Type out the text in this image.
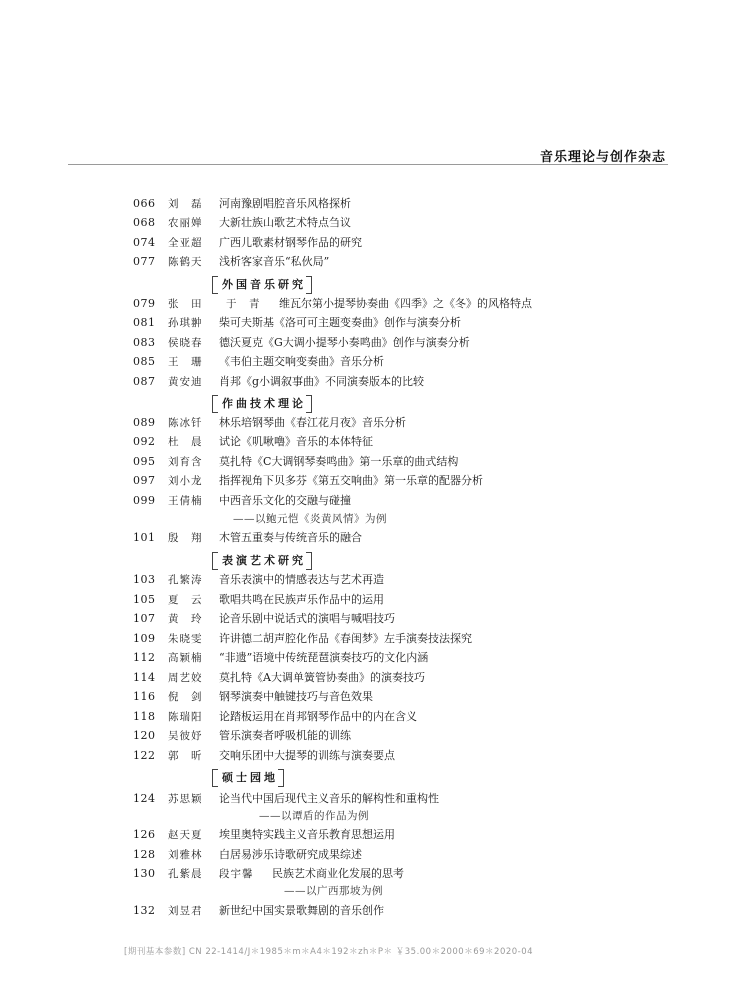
音乐理论与创作杂志
066 刘　磊 河南豫剧唱腔音乐风格探析
068 农丽婵 大新壮族山歌艺术特点刍议
074 全亚超 广西儿歌素材钢琴作品的研究
077 陈鹤天 浅析客家音乐“私伙局”
外国音乐研究
079 张　田 于　青 维瓦尔第小提琴协奏曲《四季》之《冬》的风格特点
081 孙琪翀 柴可夫斯基《洛可可主题变奏曲》创作与演奏分析
083 侯晓春 德沃夏克《G大调小提琴小奏鸣曲》创作与演奏分析
085 王　珊 《韦伯主题交响变奏曲》音乐分析
087 黄安迪 肖邦《g小调叙事曲》不同演奏版本的比较
作曲技术理论
089 陈冰钎 林乐培钢琴曲《春江花月夜》音乐分析
092 杜　晨 试论《叽啾嚕》音乐的本体特征
095 刘育含 莫扎特《C大调钢琴奏鸣曲》第一乐章的曲式结构
097 刘小龙 指挥视角下贝多芬《第五交响曲》第一乐章的配器分析
099 王倩楠 中西音乐文化的交融与碰撞
——以鲍元恺《炎黄风情》为例
101 殷　翔 木管五重奏与传统音乐的融合
表演艺术研究
103 孔繁涛 音乐表演中的情感表达与艺术再造
105 夏　云 歌唱共鸣在民族声乐作品中的运用
107 黄　玲 论音乐剧中说话式的演唱与喊唱技巧
109 朱晓雯 许讲德二胡声腔化作品《春闺梦》左手演奏技法探究
112 高颖楠 “非遗”语境中传统琵琶演奏技巧的文化内涵
114 周艺姣 莫扎特《A大调单簧管协奏曲》的演奏技巧
116 倪　剑 钢琴演奏中触键技巧与音色效果
118 陈瑞阳 论踏板运用在肖邦钢琴作品中的内在含义
120 吴彼妤 管乐演奏者呼吸机能的训练
122 郭　昕 交响乐团中大提琴的训练与演奏要点
硕士园地
124 苏思颖 论当代中国后现代主义音乐的解构性和重构性
——以谭盾的作品为例
126 赵天夏 埃里奥特实践主义音乐教育思想运用
128 刘雅林 白居易涉乐诗歌研究成果综述
130 孔紫晨 段宇馨 民族艺术商业化发展的思考
——以广西那坡为例
132 刘昱君 新世纪中国实景歌舞剧的音乐创作
[期刊基本参数] CN 22-1414/J＊1985＊m＊A4＊192＊zh＊P＊ ￥35.00＊2000＊69＊2020-04
